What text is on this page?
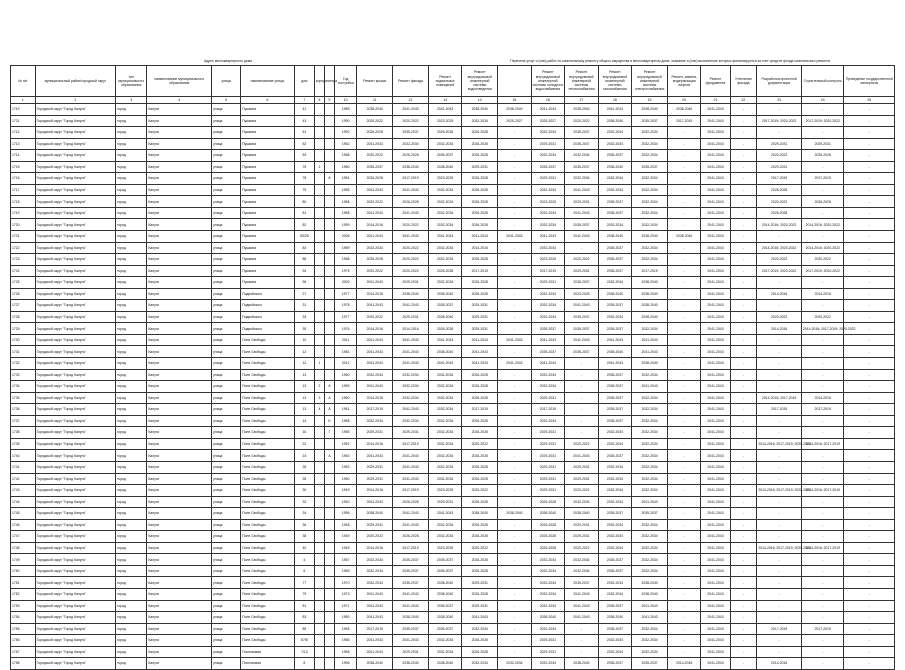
Адрес многоквартирного дома	Перечень услуг и (или) работ по капитальному ремонту общего имущества в многоквартирном доме, оказание и (или) выполнение которых финансируется за счет средств фонда капитального ремонта
№ п/п	муниципальный район/городской округ	тип муниципального образования	наименование муниципального образования	улица	наименование улицы	дом	корпус	литера	Год постройки	Ремонт крыши	Ремонт фасада	Ремонт подвальных помещений	Ремонт внутридомовой инженерной системы водоотведения		Ремонт внутридомовой инженерной системы холодного водоснабжения	Ремонт внутридомовой инженерной системы теплоснабжения	Ремонт внутридомовой инженерной системы газоснабжения	Ремонт внутридомовой инженерной системы электроснабжения	Ремонт, замена, модернизация лифтов	Ремонт фундамента	Утепление фасада	Разработка проектной документации	Строительный контроль	Проведение государственной экспертизы
1	2	3	4	5	6	7	8	9	10	11	12	13	14	15	16	17	18	19	20	21	22	23	24	25
1719	Городской округ "Город Калуга"	город	Калуга	улица	Пушкина	41			1989	2038-2040	2041-2043	2041-2043	2038-2040	2038-2040	2041-2043	2038-2040	2041-2043	2038-2040	2038-2040	2041-2043	-	-	-	-
1721	Городской округ "Город Калуга"	город	Калуга	улица	Пушкина	43			1990	2020-2022	2020-2022	2023-2025	2032-2034	2025-2027	2025-2027	2020-2022	2038-2040	2035-2037	2017-2019	2041-2043	-	2017-2019; 2020-2022	2017-2019; 2020-2022	-
1712	Городской округ "Город Калуга"	город	Калуга	улица	Пушкина	51			1992	2026-2028	2035-2037	2026-2028	2026-2028	-	2032-2034	2035-2037	2032-2034	2032-2034	-	2041-2043	-	-	-	-
1713	Городской округ "Город Калуга"	город	Калуга	улица	Пушкина	52			1962	2041-2043	2032-2034	2032-2034	2026-2028	-	2029-2031	2035-2037	2032-2034	2032-2034	-	2041-2043	-	2029-2031	2029-2031	-
1714	Городской округ "Город Калуга"	город	Калуга	улица	Пушкина	53			1968	2020-2022	2026-2028	2035-2037	2026-2028	-	2032-2034	2032-2034	2035-2037	2032-2034	-	2041-2043	-	2020-2022	2026-2028	-
1715	Городской округ "Город Калуга"	город	Калуга	улица	Пушкина	75	1		1980	2035-2037	2038-2040	2038-2040	2029-2031	-	2035-2037	2035-2037	2038-2040	2035-2037	-	2041-2043	-	2029-2031	-	-
1716	Городской округ "Город Калуга"	город	Калуга	улица	Пушкина	78		А	1951	2026-2028	2017-2019	2023-2025	2026-2028	-	2029-2031	2032-2034	2032-2034	2032-2034	-	2041-2043	-	2017-2019	2017-2019	-
1717	Городской округ "Город Калуга"	город	Калуга	улица	Пушкина	79			1955	2041-2043	2041-2043	2032-2034	2026-2028	-	2032-2034	2041-2043	2032-2034	2032-2034	-	2041-2043	-	2026-2028	-	-
1718	Городской округ "Город Калуга"	город	Калуга	улица	Пушкина	80			1958	2020-2022	2026-2028	2032-2034	2026-2028	-	2023-2025	2029-2031	2035-2037	2032-2034	-	2041-2043	-	2020-2022	2026-2028	-
1719	Городской округ "Город Калуга"	город	Калуга	улица	Пушкина	81			1958	2041-2043	2041-2043	2032-2034	2026-2028	-	2032-2034	2041-2043	2035-2037	2032-2034	-	2041-2043	-	2026-2028	-	-
1720	Городской округ "Город Калуга"	город	Калуга	улица	Пушкина	82			1959	2014-2016	2020-2022	2032-2034	2026-2028	-	2032-2034	2035-2037	2032-2034	2032-2034	-	2041-2043	-	2014-2016; 2020-2022	2014-2016; 2020-2022	-
1721	Городской округ "Город Калуга"	город	Калуга	улица	Пушкина	83/26			2006	2041-2043	2041-2043	2041-2043	2041-2043	2041-2043	2041-2043	2041-2043	2038-2040	2038-2040	2038-2040	2041-2043	-	-	-	-
1722	Городской округ "Город Калуга"	город	Калуга	улица	Пушкина	84			1959	2032-2034	2020-2022	2032-2034	2014-2016	-	2032-2034	-	2035-2037	2032-2034	-	2041-2043	-	2014-2016; 2020-2022	2014-2016; 2020-2022	-
1723	Городской округ "Город Калуга"	город	Калуга	улица	Пушкина	88			1968	2026-2028	2020-2022	2032-2034	2026-2028	-	2023-2025	2020-2022	2035-2037	2032-2034	-	2041-2043	-	2020-2022	2020-2022	-
1724	Городской округ "Город Калуга"	город	Калуга	улица	Пушкина	94			1975	2020-2022	2020-2022	2026-2028	2017-2019	-	2017-2019	2029-2031	2035-2037	2017-2019	-	2041-2043	-	2017-2019; 2020-2022	2017-2019; 2020-2022	-
1725	Городской округ "Город Калуга"	город	Калуга	улица	Пушкина	96			2002	2041-2043	2029-2031	2032-2034	2026-2028	-	2029-2031	2035-2037	2032-2034	2038-2040	-	2041-2043	-	-	-	-
1726	Городской округ "Город Калуга"	город	Калуга	улица	Подвойского	27			1977	2014-2016	2038-2040	2038-2040	2026-2028	-	2032-2034	2023-2025	2038-2040	2038-2040	-	2041-2043	-	2014-2016	2014-2016	-
1727	Городской округ "Город Калуга"	город	Калуга	улица	Подвойского	31			1978	2041-2043	2041-2043	2035-2037	2029-2031	-	2032-2034	2041-2043	2035-2037	2038-2040	-	2041-2043	-	-	-	-
1728	Городской округ "Город Калуга"	город	Калуга	улица	Подвойского	33			1977	2020-2022	2029-2031	2038-2040	2029-2031	-	2032-2034	2035-2037	2032-2034	2038-2040	-	2041-2043	-	2020-2022	2020-2022	-
1729	Городской округ "Город Калуга"	город	Калуга	улица	Подвойского	35			1976	2014-2016	2014-2016	2026-2028	2029-2031	-	2035-2037	2035-2037	2035-2037	2032-2034	-	2041-2043	-	2014-2016	2014-2016; 2017-2019; 2020-2022	-
1730	Городской округ "Город Калуга"	город	Калуга	улица	Поле Свободы	10			2011	2041-2043	2041-2043	2041-2043	2041-2043	2041-2043	2041-2043	2041-2043	2041-2043	2041-2043	-	2041-2043	-	-	-	-
1731	Городской округ "Город Калуга"	город	Калуга	улица	Поле Свободы	12			1981	2041-2043	2041-2043	2038-2040	2041-2043	-	2035-2037	2035-2037	2038-2040	2041-2043	-	2041-2043	-	-	-	-
1732	Городской округ "Город Калуга"	город	Калуга	улица	Поле Свободы	12	1		2012	2041-2043	2041-2043	2041-2043	2041-2043	2041-2043	2041-2043	-	2041-2043	2038-2040	-	2041-2043	-	-	-	-
1733	Городской округ "Город Калуга"	город	Калуга	улица	Поле Свободы	13			1960	2032-2034	2032-2034	2032-2034	2026-2028	-	2032-2034	-	2035-2037	2032-2034	-	2041-2043	-	-	-	-
1734	Городской округ "Город Калуга"	город	Калуга	улица	Поле Свободы	13	2	А	1959	2041-2043	2032-2034	2032-2034	2026-2028	-	2032-2034	-	2035-2037	2041-2043	-	2041-2043	-	-	-	-
1735	Городской округ "Город Калуга"	город	Калуга	улица	Поле Свободы	13	3	А	1960	2014-2016	2032-2034	2032-2034	2026-2028	-	2029-2031	-	2035-2037	2032-2034	-	2041-2043	-	2014-2016; 2017-2019	2014-2016	-
1736	Городской округ "Город Калуга"	город	Калуга	улица	Поле Свободы	13	4	А	1961	2017-2019	2041-2043	2032-2034	2017-2019	-	2017-2019	-	2035-2037	2032-2034	-	2041-2043	-	2017-2019	2017-2019	-
1737	Городской округ "Город Калуга"	город	Калуга	улица	Поле Свободы	14		Б	1958	2032-2034	2032-2034	2032-2034	2026-2028	-	2032-2034	-	2035-2037	2032-2034	-	2041-2043	-	-	-	-
1738	Городской округ "Город Калуга"	город	Калуга	улица	Поле Свободы	16		Г	1955	2029-2031	2029-2031	2032-2034	2026-2028	-	2029-2031	-	2032-2034	2032-2034	-	2041-2043	-	-	-	-
1739	Городской округ "Город Калуга"	город	Калуга	улица	Поле Свободы	22			1952	2014-2016	2017-2019	2032-2034	2020-2022	-	2029-2031	2020-2022	2032-2034	2032-2034	-	2041-2043	-	2014-2016; 2017-2019; 2020-2022	2014-2016; 2017-2019	-
1740	Городской округ "Город Калуга"	город	Калуга	улица	Поле Свободы	24		А	1953	2041-2043	2041-2043	2032-2034	2026-2028	-	2029-2031	2041-2043	2035-2037	2032-2034	-	2041-2043	-	-	-	-
1741	Городской округ "Город Калуга"	город	Калуга	улица	Поле Свободы	26			1952	2029-2031	2041-2043	2032-2034	2026-2028	-	2029-2031	2029-2031	2032-2034	2032-2034	-	2041-2043	-	-	-	-
1742	Городской округ "Город Калуга"	город	Калуга	улица	Поле Свободы	28			1950	2029-2031	2041-2043	2032-2034	2026-2028	-	2029-2031	2029-2031	2032-2034	2032-2034	-	2041-2043	-	-	-	-
1743	Городской округ "Город Калуга"	город	Калуга	улица	Поле Свободы	30			1949	2014-2016	2017-2019	2023-2025	2020-2022	-	2029-2031	2020-2022	2032-2034	2032-2034	-	2041-2043	-	2014-2016; 2017-2019; 2020-2022	2014-2016; 2017-2019	-
1744	Городской округ "Город Калуга"	город	Калуга	улица	Поле Свободы	32			1940	2041-2043	2026-2028	2029-2031	2026-2028	-	2026-2028	2032-2034	2032-2034	2041-2043	-	2041-2043	-	-	-	-
1745	Городской округ "Город Калуга"	город	Калуга	улица	Поле Свободы	34			1956	2038-2040	2041-2043	2041-2043	2038-2040	2038-2040	2038-2040	2038-2040	2035-2037	2035-2037	-	2041-2043	-	-	-	-
1746	Городской округ "Город Калуга"	город	Калуга	улица	Поле Свободы	36			1948	2029-2031	2041-2043	2032-2034	2026-2028	-	2026-2028	2029-2031	2032-2034	2032-2034	-	2041-2043	-	-	-	-
1747	Городской округ "Город Калуга"	город	Калуга	улица	Поле Свободы	38			1949	2020-2022	2026-2028	2032-2034	2026-2028	-	2026-2028	2029-2031	2032-2034	2032-2034	-	2041-2043	-	-	-	-
1748	Городской округ "Город Калуга"	город	Калуга	улица	Поле Свободы	40			1949	2014-2016	2017-2019	2023-2025	2020-2022	-	2026-2028	2020-2022	2032-2034	2032-2034	-	2041-2043	-	2014-2016; 2017-2019; 2020-2022	2014-2016; 2017-2019	-
1749	Городской округ "Город Калуга"	город	Калуга	улица	Поле Свободы	4			1967	2032-2034	2035-2037	2035-2037	2026-2028	-	2032-2034	2032-2034	2035-2037	2032-2034	-	2041-2043	-	-	-	-
1750	Городской округ "Город Калуга"	город	Калуга	улица	Поле Свободы	6			1969	2032-2034	2035-2037	2035-2037	2026-2028	-	2032-2034	2032-2034	2035-2037	2032-2034	-	2041-2043	-	-	-	-
1751	Городской округ "Город Калуга"	город	Калуга	улица	Поле Свободы	77			1970	2032-2034	2035-2037	2038-2040	2029-2031	-	2032-2034	2035-2037	2032-2034	2038-2040	-	2041-2043	-	-	-	-
1752	Городской округ "Город Калуга"	город	Калуга	улица	Поле Свободы	79			1973	2041-2043	2041-2043	2038-2040	2026-2028	-	2032-2034	2041-2043	2032-2034	2038-2040	-	2041-2043	-	-	-	-
1753	Городской округ "Город Калуга"	город	Калуга	улица	Поле Свободы	81			1971	2041-2043	2041-2043	2035-2037	2029-2031	-	2032-2034	2041-2043	2035-2037	2041-2043	-	2041-2043	-	-	-	-
1754	Городской округ "Город Калуга"	город	Калуга	улица	Поле Свободы	83			1980	2041-2043	2038-2040	2038-2040	2041-2043	-	2038-2040	2041-2043	2038-2040	2041-2043	-	2041-2043	-	-	-	-
1755	Городской округ "Город Калуга"	город	Калуга	улица	Поле Свободы	85			1965	2017-2019	2035-2037	2035-2037	2032-2034	-	2032-2034	-	2035-2037	2032-2034	-	2041-2043	-	2017-2019	2017-2019	-
1756	Городской округ "Город Калуга"	город	Калуга	улица	Поле Свободы	87/8			1956	2041-2043	2041-2043	2032-2034	2026-2028	-	2029-2031	-	2032-2034	2032-2034	-	2041-2043	-	-	-	-
1757	Городской округ "Город Калуга"	город	Калуга	улица	Поселковая	7/13			1958	2041-2043	2029-2031	2032-2034	2026-2028	-	2029-2031	-	2032-2034	2032-2034	-	2041-2043	-	-	-	-
1758	Городской округ "Город Калуга"	город	Калуга	улица	Поселковая	8			1996	2038-2040	2038-2040	2038-2040	2032-2034	2032-2034	2032-2034	2038-2040	2035-2037	2035-2037	2014-2016	2041-2043	-	2014-2016	-	-
